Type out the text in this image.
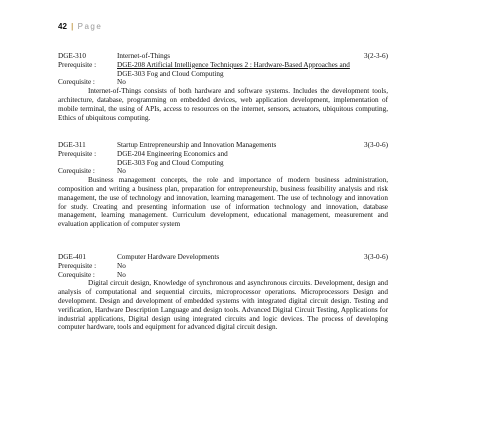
42 | Page
DGE-310	Internet-of-Things	3(2-3-6)
Prerequisite :	DGE-208 Artificial Intelligence Techniques 2 : Hardware-Based Approaches and
DGE-303 Fog and Cloud Computing
Corequisite :	No
Internet-of-Things consists of both hardware and software systems. Includes the development tools, architecture, database, programming on embedded devices, web application development, implementation of mobile terminal, the using of APIs, access to resources on the internet, sensors, actuators, ubiquitous computing, Ethics of ubiquitous computing.
DGE-311	Startup Entrepreneurship and Innovation Managements	3(3-0-6)
Prerequisite :	DGE-204 Engineering Economics and
DGE-303 Fog and Cloud Computing
Corequisite :	No
Business management concepts, the role and importance of modern business administration, composition and writing a business plan, preparation for entrepreneurship, business feasibility analysis and risk management, the use of technology and innovation, learning management. The use of technology and innovation for study. Creating and presenting information use of information technology and innovation, database management, learning management. Curriculum development, educational management, measurement and evaluation application of computer system
DGE-401	Computer Hardware Developments	3(3-0-6)
Prerequisite :	No
Corequisite :	No
Digital circuit design, Knowledge of synchronous and asynchronous circuits. Development, design and analysis of computational and sequential circuits, microprocessor operations. Microprocessors Design and development. Design and development of embedded systems with integrated digital circuit design. Testing and verification, Hardware Description Language and design tools. Advanced Digital Circuit Testing, Applications for industrial applications, Digital design using integrated circuits and logic devices. The process of developing computer hardware, tools and equipment for advanced digital circuit design.
